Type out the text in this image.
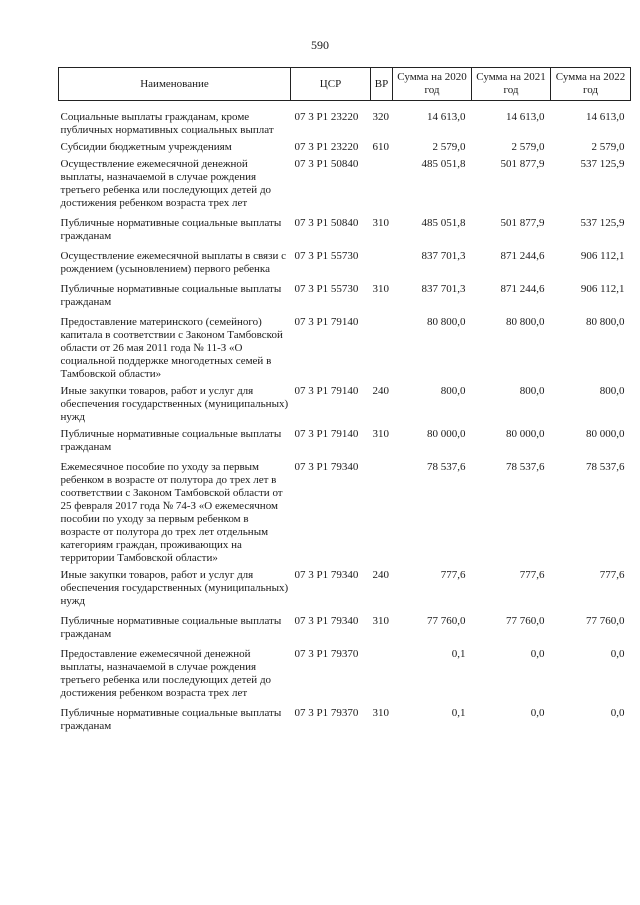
590
Наименование	ЦСР	ВР	Сумма на 2020 год	Сумма на 2021 год	Сумма на 2022 год

Социальные выплаты гражданам, кроме публичных нормативных социальных выплат	07 3 Р1 23220	320	14 613,0	14 613,0	14 613,0

Субсидии бюджетным учреждениям	07 3 Р1 23220	610	2 579,0	2 579,0	2 579,0

Осуществление ежемесячной денежной выплаты, назначаемой в случае рождения третьего ребенка или последующих детей до достижения ребенком возраста трех лет	07 3 Р1 50840		485 051,8	501 877,9	537 125,9

Публичные нормативные социальные выплаты гражданам	07 3 Р1 50840	310	485 051,8	501 877,9	537 125,9

Осуществление ежемесячной выплаты в связи с рождением (усыновлением) первого ребенка	07 3 Р1 55730		837 701,3	871 244,6	906 112,1

Публичные нормативные социальные выплаты гражданам	07 3 Р1 55730	310	837 701,3	871 244,6	906 112,1

Предоставление материнского (семейного) капитала в соответствии с Законом Тамбовской области от 26 мая 2011 года № 11-З «О социальной поддержке многодетных семей в Тамбовской области»	07 3 Р1 79140		80 800,0	80 800,0	80 800,0

Иные закупки товаров, работ и услуг для обеспечения государственных (муниципальных) нужд	07 3 Р1 79140	240	800,0	800,0	800,0

Публичные нормативные социальные выплаты гражданам	07 3 Р1 79140	310	80 000,0	80 000,0	80 000,0

Ежемесячное пособие по уходу за первым ребенком в возрасте от полутора до трех лет в соответствии с Законом Тамбовской области от 25 февраля 2017 года № 74-З «О ежемесячном пособии по уходу за первым ребенком в возрасте от полутора до трех лет отдельным категориям граждан, проживающих на территории Тамбовской области»	07 3 Р1 79340		78 537,6	78 537,6	78 537,6

Иные закупки товаров, работ и услуг для обеспечения государственных (муниципальных) нужд	07 3 Р1 79340	240	777,6	777,6	777,6

Публичные нормативные социальные выплаты гражданам	07 3 Р1 79340	310	77 760,0	77 760,0	77 760,0

Предоставление ежемесячной денежной выплаты, назначаемой в случае рождения третьего ребенка или последующих детей до достижения ребенком возраста трех лет	07 3 Р1 79370		0,1	0,0	0,0

Публичные нормативные социальные выплаты гражданам	07 3 Р1 79370	310	0,1	0,0	0,0
